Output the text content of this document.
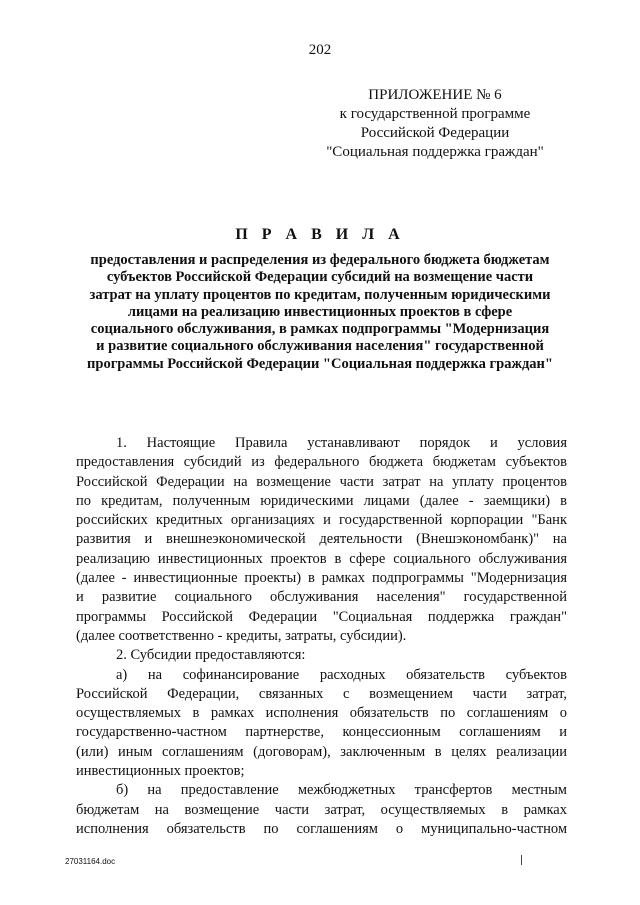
202
ПРИЛОЖЕНИЕ № 6
к государственной программе
Российской Федерации
"Социальная поддержка граждан"
П Р А В И Л А
предоставления и распределения из федерального бюджета бюджетам
субъектов Российской Федерации субсидий на возмещение части
затрат на уплату процентов по кредитам, полученным юридическими
лицами на реализацию инвестиционных проектов в сфере
социального обслуживания, в рамках подпрограммы "Модернизация
и развитие социального обслуживания населения" государственной
программы Российской Федерации "Социальная поддержка граждан"

1. Настоящие Правила устанавливают порядок и условия

предоставления субсидий из федерального бюджета бюджетам субъектов

Российской Федерации на возмещение части затрат на уплату процентов

по кредитам, полученным юридическими лицами (далее - заемщики) в

российских кредитных организациях и государственной корпорации "Банк

развития и внешнеэкономической деятельности (Внешэкономбанк)" на

реализацию инвестиционных проектов в сфере социального обслуживания

(далее - инвестиционные проекты) в рамках подпрограммы "Модернизация

и развитие социального обслуживания населения" государственной

программы Российской Федерации "Социальная поддержка граждан"

(далее соответственно - кредиты, затраты, субсидии).

2. Субсидии предоставляются:

а) на софинансирование расходных обязательств субъектов

Российской Федерации, связанных с возмещением части затрат,

осуществляемых в рамках исполнения обязательств по соглашениям о

государственно-частном партнерстве, концессионным соглашениям и

(или) иным соглашениям (договорам), заключенным в целях реализации

инвестиционных проектов;

б) на предоставление межбюджетных трансфертов местным

бюджетам на возмещение части затрат, осуществляемых в рамках

исполнения обязательств по соглашениям о муниципально-частном

27031164.doc
